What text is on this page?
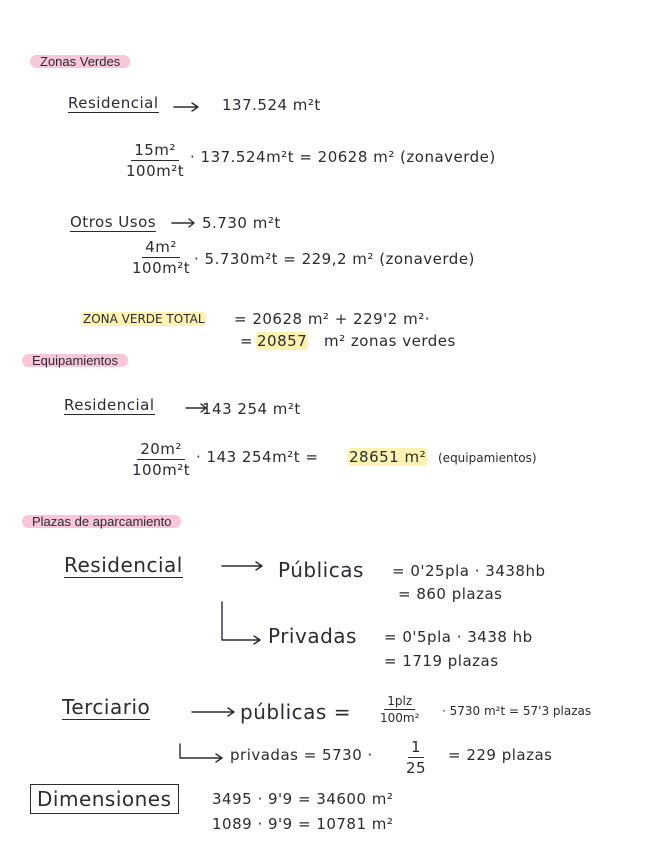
Zonas Verdes
Residencial	137.524 m²t
$\frac{\text{15m²}}{\text{100m²t}} \cdot 137.524m^2t = 20628$ m² (zonaverde)
Otros Usos	5.730 m²t
$\frac{\text{4m²}}{\text{100m²t}} \cdot 5.730m^2t = 229,2$ m² (zonaverde)
ZONA VERDE TOTAL = 20628 m² + 229'2 m²·
= 20857 m² zonas verdes
Equipamientos
Residencial	143 254 m²t
$\frac{\text{20m²}}{\text{100m²t}} \cdot 143$ 254m²t = 28651 m² (equipamientos)
Plazas de aparcamiento
Residencial	Públicas = 0'25pla · 3438hb
= 860 plazas
Privadas = 0'5pla · 3438 hb
= 1719 plazas
Terciario	públicas =	1plz
100m² · 5730 m²t = 57'3 plazas
privadas = $5730 \cdot \frac{1}{25} = 229$ plazas
Dimensiones	3495 · 9'9 = 34600 m²
1089 · 9'9 = 10781 m²
